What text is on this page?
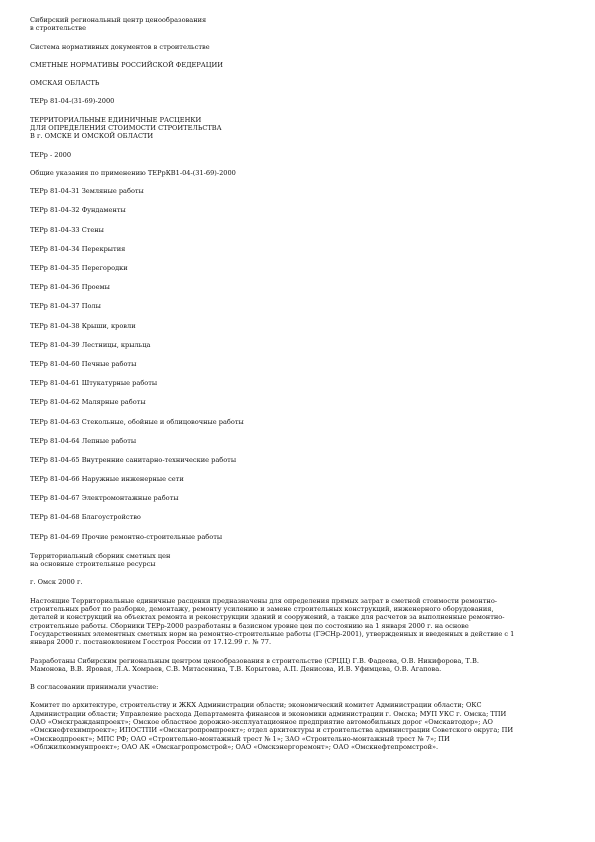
Сибирский региональный центр ценообразования
в строительстве
Система нормативных документов в строительстве
СМЕТНЫЕ НОРМАТИВЫ РОССИЙСКОЙ ФЕДЕРАЦИИ
ОМСКАЯ ОБЛАСТЬ
ТЕРр 81-04-(31-69)-2000
ТЕРРИТОРИАЛЬНЫЕ ЕДИНИЧНЫЕ РАСЦЕНКИ
ДЛЯ ОПРЕДЕЛЕНИЯ СТОИМОСТИ СТРОИТЕЛЬСТВА
В г. ОМСКЕ И ОМСКОЙ ОБЛАСТИ
ТЕРр - 2000
Общие указания по применению ТЕРрКВ1-04-(31-69)-2000
ТЕРр 81-04-31 Земляные работы
ТЕРр 81-04-32 Фундаменты
ТЕРр 81-04-33 Стены
ТЕРр 81-04-34 Перекрытия
ТЕРр 81-04-35 Перегородки
ТЕРр 81-04-36 Проемы
ТЕРр 81-04-37 Полы
ТЕРр 81-04-38 Крыши, кровли
ТЕРр 81-04-39 Лестницы, крыльца
ТЕРр 81-04-60 Печные работы
ТЕРр 81-04-61 Штукатурные работы
ТЕРр 81-04-62 Малярные работы
ТЕРр 81-04-63 Стекольные, обойные и облицовочные работы
ТЕРр 81-04-64 Лепные работы
ТЕРр 81-04-65 Внутренние санитарно-технические работы
ТЕРр 81-04-66 Наружные инженерные сети
ТЕРр 81-04-67 Электромонтажные работы
ТЕРр 81-04-68 Благоустройство
ТЕРр 81-04-69 Прочие ремонтно-строительные работы
Территориальный сборник сметных цен
на основные строительные ресурсы
г. Омск 2000 г.
Настоящие Территориальные единичные расценки предназначены для определения прямых затрат в сметной стоимости ремонтно-
строительных работ по разборке, демонтажу, ремонту усилению и замене строительных конструкций, инженерного оборудования,
деталей и конструкций на объектах ремонта и реконструкции зданий и сооружений, а также для расчетов за выполненные ремонтно-
строительные работы. Сборники ТЕРр-2000 разработаны в базисном уровне цен по состоянию на 1 января 2000 г. на основе
Государственных элементных сметных норм на ремонтно-строительные работы (ГЭСНр-2001), утвержденных и введенных в действие с 1
января 2000 г. постановлением Госстроя России от 17.12.99 г. № 77.
Разработаны Сибирским региональным центром ценообразования в строительстве (СРЦЦ) Г.В. Фадеева, О.В. Никифорова, Т.В.
Мамонова, В.В. Яровая, Л.А. Хомраев, С.В. Митасенина, Т.В. Корытова, А.П. Денисова, И.В. Уфимцева, О.В. Агапова.
В согласовании принимали участие:
Комитет по архитектуре, строительству и ЖКХ Администрации области; экономический комитет Администрации области; ОКС
Администрации области; Управление расхода Департамента финансов и экономики администрации г. Омска; МУП УКС г. Омска; ТПИ
ОАО «Омскгражданпроект»; Омское областное дорожно-эксплуатационное предприятие автомобильных дорог «Омскавтодор»; АО
«Омскнефтехимпроект»; ИПОСТПИ «Омскагропромпроект»; отдел архитектуры и строительства администрации Советского округа; ПИ
«Омскводпроект»; МПС РФ; ОАО «Строительно-монтажный трест № 1»; ЗАО «Строительно-монтажный трест № 7»; ПИ
«Облжилкоммунпроект»; ОАО АК «Омскагропромстрой»; ОАО «Омскэнергоремонт»; ОАО «Омскнефтепромстрой».
